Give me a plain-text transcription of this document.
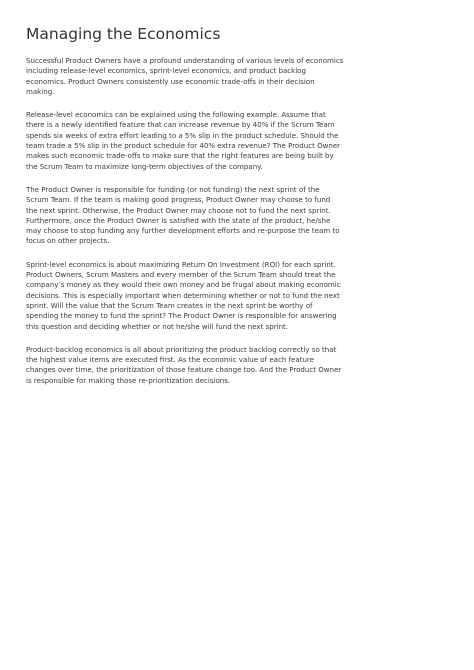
Managing the Economics

Successful Product Owners have a profound understanding of various levels of economics including release-level economics, sprint-level economics, and product backlog economics. Product Owners consistently use economic trade-offs in their decision making.

Release-level economics can be explained using the following example. Assume that there is a newly identified feature that can increase revenue by 40% if the Scrum Team spends six weeks of extra effort leading to a 5% slip in the product schedule. Should the team trade a 5% slip in the product schedule for 40% extra revenue? The Product Owner makes such economic trade-offs to make sure that the right features are being built by the Scrum Team to maximize long-term objectives of the company.

The Product Owner is responsible for funding (or not funding) the next sprint of the Scrum Team. If the team is making good progress, Product Owner may choose to fund the next sprint. Otherwise, the Product Owner may choose not to fund the next sprint. Furthermore, once the Product Owner is satisfied with the state of the product, he/she may choose to stop funding any further development efforts and re-purpose the team to focus on other projects.

Sprint-level economics is about maximizing Return On Investment (ROI) for each sprint. Product Owners, Scrum Masters and every member of the Scrum Team should treat the company’s money as they would their own money and be frugal about making economic decisions. This is especially important when determining whether or not to fund the next sprint. Will the value that the Scrum Team creates in the next sprint be worthy of spending the money to fund the sprint? The Product Owner is responsible for answering this question and deciding whether or not he/she will fund the next sprint.

Product-backlog economics is all about prioritizing the product backlog correctly so that the highest value items are executed first. As the economic value of each feature changes over time, the prioritization of those feature change too. And the Product Owner is responsible for making those re-prioritization decisions.
